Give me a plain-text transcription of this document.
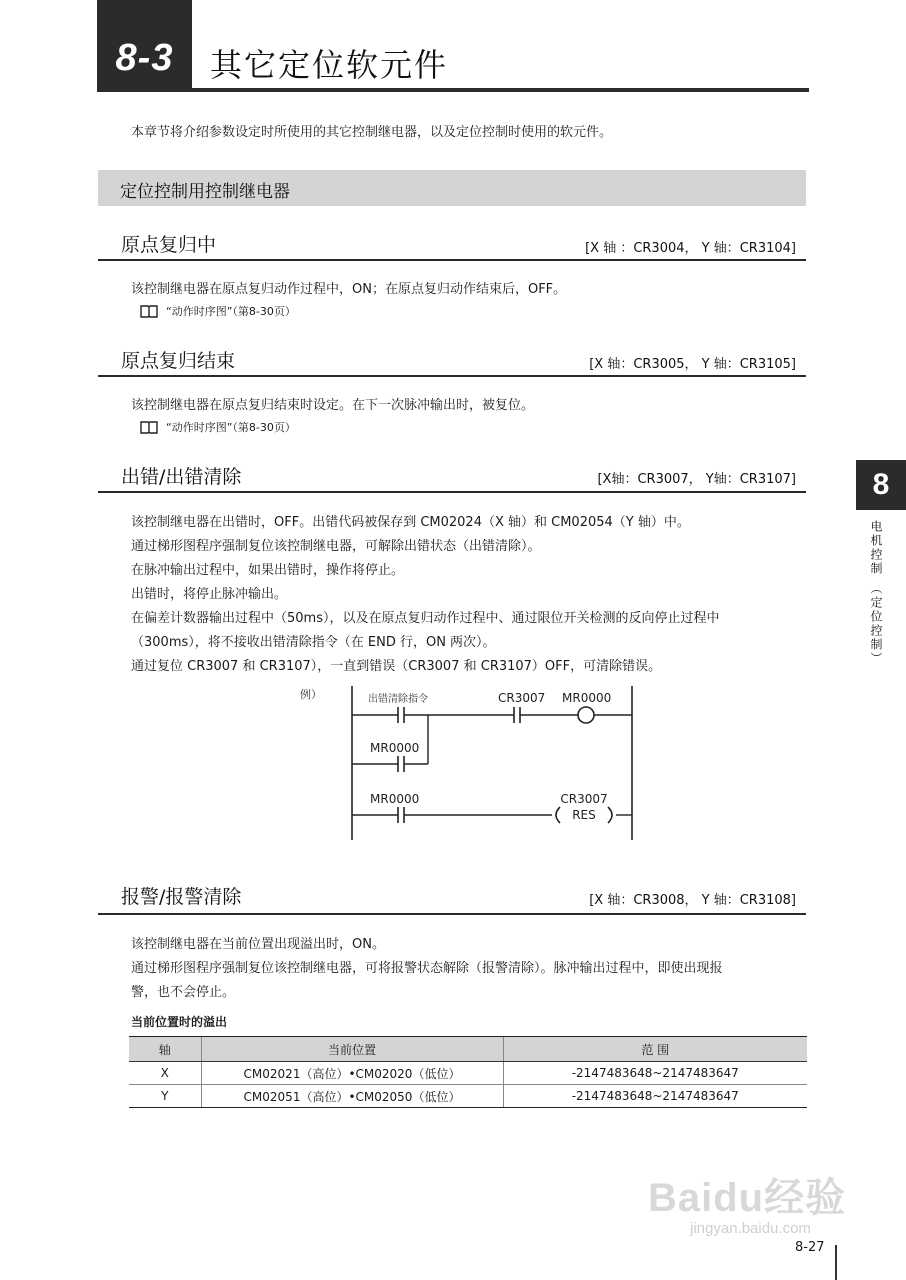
8-3 其它定位软元件
本章节将介绍参数设定时所使用的其它控制继电器，以及定位控制时使用的软元件。
定位控制用控制继电器
原点复归中	[X 轴 ：CR3004， Y 轴：CR3104]
该控制继电器在原点复归动作过程中，ON；在原点复归动作结束后，OFF。
“动作时序图”（第8-30页）
原点复归结束	[X 轴：CR3005， Y 轴：CR3105]
该控制继电器在原点复归结束时设定。在下一次脉冲输出时，被复位。
“动作时序图”（第8-30页）
出错/出错清除	[X轴：CR3007， Y轴：CR3107]
该控制继电器在出错时，OFF。出错代码被保存到 CM02024（X 轴）和 CM02054（Y 轴）中。
通过梯形图程序强制复位该控制继电器，可解除出错状态（出错清除）。
在脉冲输出过程中，如果出错时，操作将停止。
出错时，将停止脉冲输出。
在偏差计数器输出过程中（50ms），以及在原点复归动作过程中、通过限位开关检测的反向停止过程中
（300ms），将不接收出错清除指令（在 END 行，ON 两次）。
通过复位 CR3007 和 CR3107），一直到错误（CR3007 和 CR3107）OFF，可清除错误。
例）	出错清除指令	CR3007 MR0000
MR0000
MR0000
RES
CR3007
报警/报警清除	[X 轴：CR3008， Y 轴：CR3108]
该控制继电器在当前位置出现溢出时，ON。
通过梯形图程序强制复位该控制继电器，可将报警状态解除（报警清除）。脉冲输出过程中，即使出现报
警，也不会停止。
当前位置时的溢出
轴	当前位置	范 围
X	CM02021（高位）•CM02020（低位）	-2147483648~2147483647
Y	CM02051（高位）•CM02050（低位）	-2147483648~2147483647
8
电机控制 （定位控制）
Baidu经验
jingyan.baidu.com
8-27
